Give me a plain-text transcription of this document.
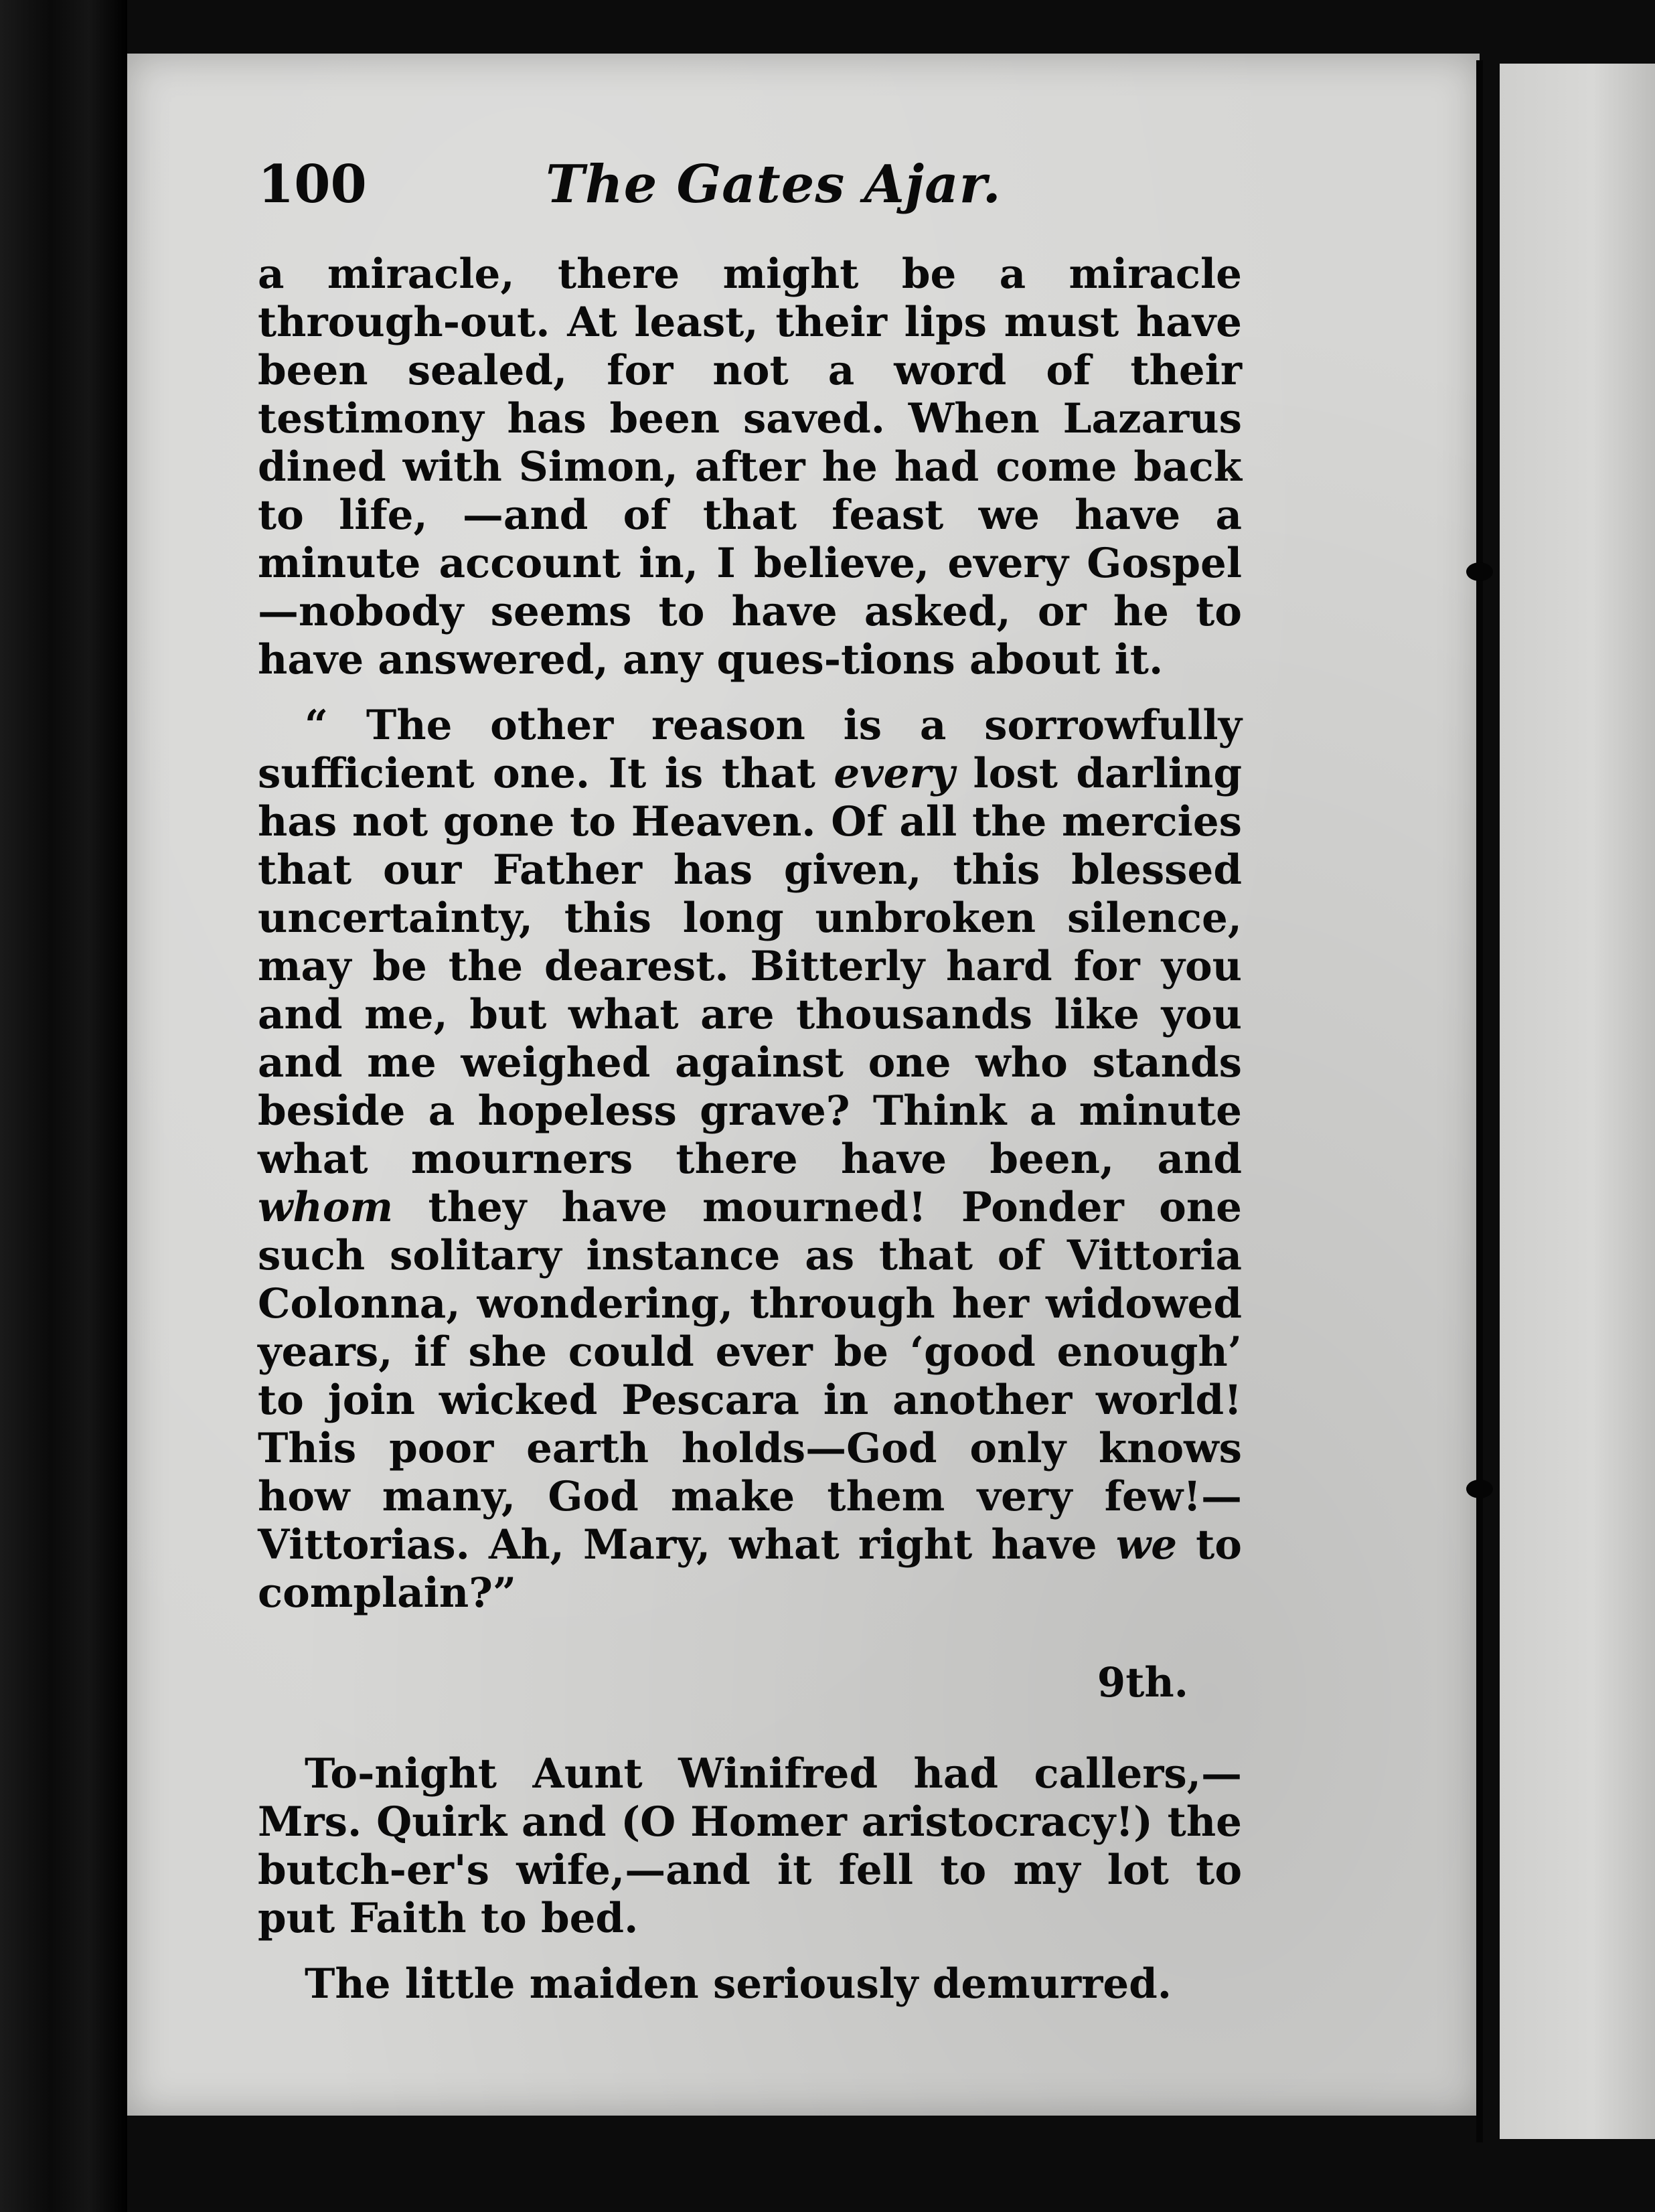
100	The Gates Ajar.

a miracle, there might be a miracle through-out. At least, their lips must have been sealed, for not a word of their testimony has been saved. When Lazarus dined with Simon, after he had come back to life, —and of that feast we have a minute account in, I believe, every Gospel—nobody seems to have asked, or he to have answered, any ques-tions about it.

“ The other reason is a sorrowfully sufficient one. It is that every lost darling has not gone to Heaven. Of all the mercies that our Father has given, this blessed uncertainty, this long unbroken silence, may be the dearest. Bitterly hard for you and me, but what are thousands like you and me weighed against one who stands beside a hopeless grave? Think a minute what mourners there have been, and whom they have mourned! Ponder one such solitary instance as that of Vittoria Colonna, wondering, through her widowed years, if she could ever be ‘good enough’ to join wicked Pescara in another world! This poor earth holds—God only knows how many, God make them very few!—Vittorias. Ah, Mary, what right have we to complain?”

9th.

To-night Aunt Winifred had callers,—Mrs. Quirk and (O Homer aristocracy!) the butch-er's wife,—and it fell to my lot to put Faith to bed.

The little maiden seriously demurred.
